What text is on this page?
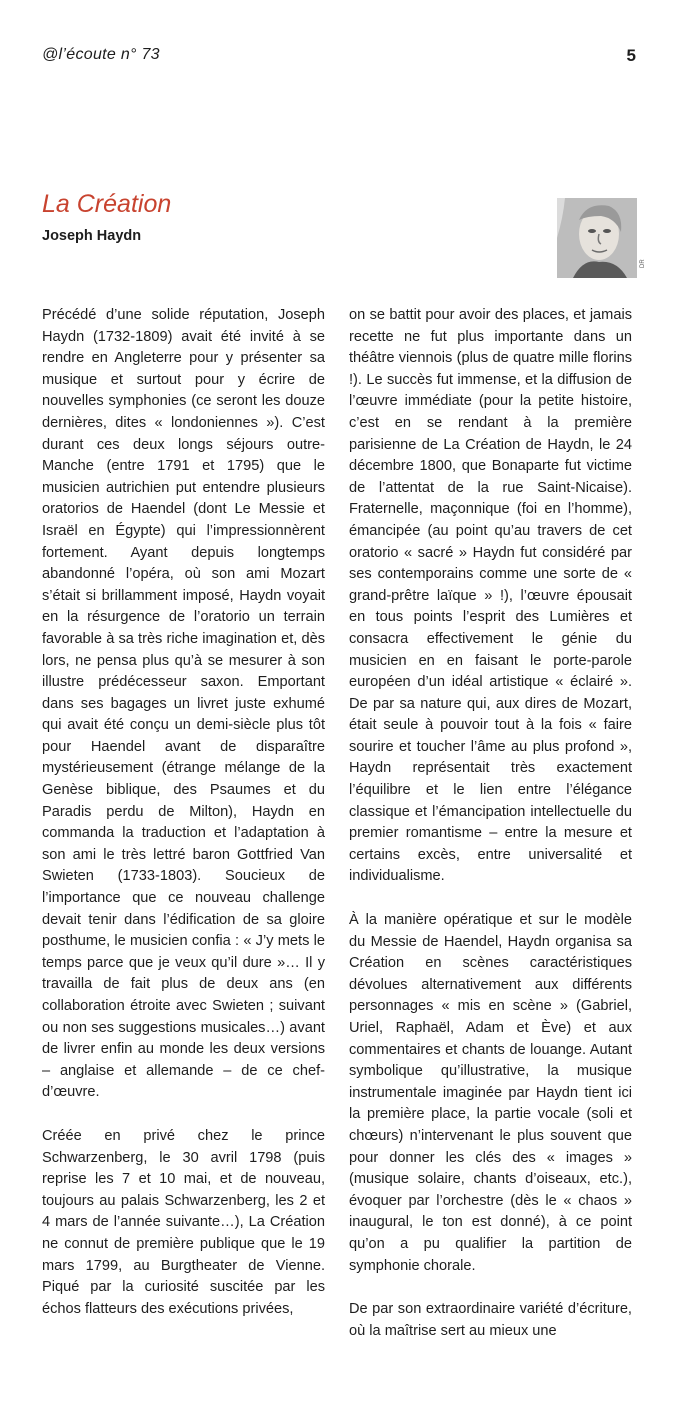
@l’écoute n° 73	5
La Création
Joseph Haydn
DR

Précédé d’une solide réputation, Joseph Haydn (1732-1809) avait été invité à se rendre en Angleterre pour y présenter sa musique et surtout pour y écrire de nouvelles symphonies (ce seront les douze dernières, dites « londoniennes »). C’est durant ces deux longs séjours outre-Manche (entre 1791 et 1795) que le musicien autrichien put entendre plusieurs oratorios de Haendel (dont Le Messie et Israël en Égypte) qui l’impressionnèrent fortement. Ayant depuis longtemps abandonné l’opéra, où son ami Mozart s’était si brillamment imposé, Haydn voyait en la résurgence de l’oratorio un terrain favorable à sa très riche imagination et, dès lors, ne pensa plus qu’à se mesurer à son illustre prédécesseur saxon. Emportant dans ses bagages un livret juste exhumé qui avait été conçu un demi-siècle plus tôt pour Haendel avant de disparaître mystérieusement (étrange mélange de la Genèse biblique, des Psaumes et du Paradis perdu de Milton), Haydn en commanda la traduction et l’adaptation à son ami le très lettré baron Gottfried Van Swieten (1733-1803). Soucieux de l’importance que ce nouveau challenge devait tenir dans l’édification de sa gloire posthume, le musicien confia : « J’y mets le temps parce que je veux qu’il dure »… Il y travailla de fait plus de deux ans (en collaboration étroite avec Swieten ; suivant ou non ses suggestions musicales…) avant de livrer enfin au monde les deux versions – anglaise et allemande – de ce chef-d’œuvre.

Créée en privé chez le prince Schwarzenberg, le 30 avril 1798 (puis reprise les 7 et 10 mai, et de nouveau, toujours au palais Schwarzenberg, les 2 et 4 mars de l’année suivante…), La Création ne connut de première publique que le 19 mars 1799, au Burgtheater de Vienne. Piqué par la curiosité suscitée par les échos flatteurs des exécutions privées,

on se battit pour avoir des places, et jamais recette ne fut plus importante dans un théâtre viennois (plus de quatre mille florins !). Le succès fut immense, et la diffusion de l’œuvre immédiate (pour la petite histoire, c’est en se rendant à la première parisienne de La Création de Haydn, le 24 décembre 1800, que Bonaparte fut victime de l’attentat de la rue Saint-Nicaise). Fraternelle, maçonnique (foi en l’homme), émancipée (au point qu’au travers de cet oratorio « sacré » Haydn fut considéré par ses contemporains comme une sorte de « grand-prêtre laïque » !), l’œuvre épousait en tous points l’esprit des Lumières et consacra effectivement le génie du musicien en en faisant le porte-parole européen d’un idéal artistique « éclairé ». De par sa nature qui, aux dires de Mozart, était seule à pouvoir tout à la fois « faire sourire et toucher l’âme au plus profond », Haydn représentait très exactement l’équilibre et le lien entre l’élégance classique et l’émancipation intellectuelle du premier romantisme – entre la mesure et certains excès, entre universalité et individualisme.

À la manière opératique et sur le modèle du Messie de Haendel, Haydn organisa sa Création en scènes caractéristiques dévolues alternativement aux différents personnages « mis en scène » (Gabriel, Uriel, Raphaël, Adam et Ève) et aux commentaires et chants de louange. Autant symbolique qu’illustrative, la musique instrumentale imaginée par Haydn tient ici la première place, la partie vocale (soli et chœurs) n’intervenant le plus souvent que pour donner les clés des « images » (musique solaire, chants d’oiseaux, etc.), évoquer par l’orchestre (dès le « chaos » inaugural, le ton est donné), à ce point qu’on a pu qualifier la partition de symphonie chorale.

De par son extraordinaire variété d’écriture, où la maîtrise sert au mieux une
